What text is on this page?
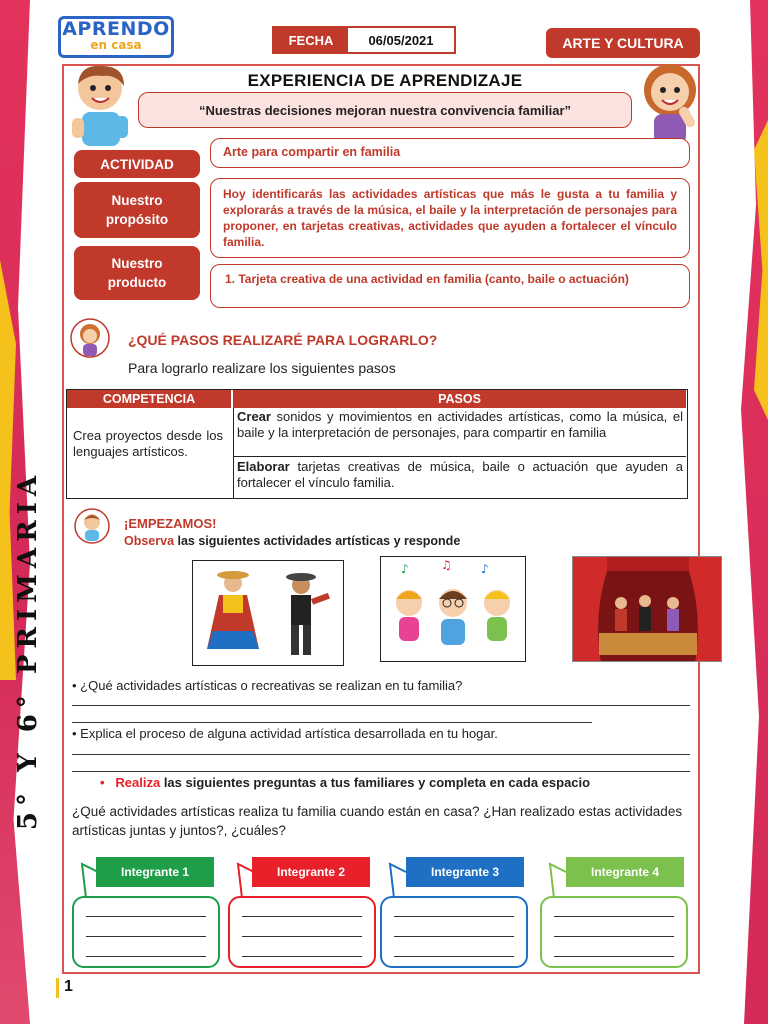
5° Y 6° PRIMARIA
APRENDO
en casa	FECHA	06/05/2021	ARTE Y CULTURA
EXPERIENCIA DE APRENDIZAJE
“Nuestras decisiones mejoran nuestra convivencia familiar”
ACTIVIDAD
Arte para compartir en familia
Nuestro propósito
Hoy identificarás las actividades artísticas que más le gusta a tu familia y explorarás a través de la música, el baile y la interpretación de personajes para proponer, en tarjetas creativas, actividades que ayuden a fortalecer el vínculo familia.
Nuestro producto	1. Tarjeta creativa de una actividad en familia (canto, baile o actuación)
¿QUÉ PASOS REALIZARÉ PARA LOGRARLO?
Para lograrlo realizare los siguientes pasos
COMPETENCIA	PASOS
Crea proyectos desde los lenguajes artísticos.
Crear sonidos y movimientos en actividades artísticas, como la música, el baile y la interpretación de personajes, para compartir en familia
Elaborar tarjetas creativas de música, baile o actuación que ayuden a fortalecer el vínculo familia.
¡EMPEZAMOS!
Observa las siguientes actividades artísticas y responde
♪	♫ ♪
• ¿Qué actividades artísticas o recreativas se realizan en tu familia?
• Explica el proceso de alguna actividad artística desarrollada en tu hogar.
•   Realiza las siguientes preguntas a tus familiares y completa en cada espacio
¿Qué actividades artísticas realiza tu familia cuando están en casa? ¿Han realizado estas actividades artísticas juntas y juntos?, ¿cuáles?
Integrante 1	Integrante 2	Integrante 3	Integrante 4
1
